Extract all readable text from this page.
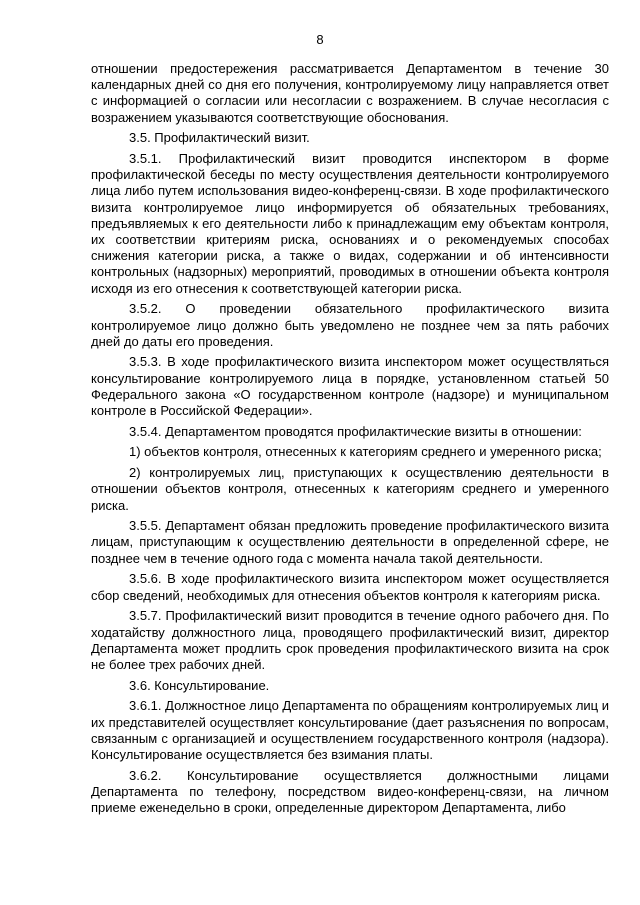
8

отношении предостережения рассматривается Департаментом в течение 30 календарных дней со дня его получения, контролируемому лицу направляется ответ с информацией о согласии или несогласии с возражением. В случае несогласия с возражением указываются соответствующие обоснования.

3.5. Профилактический визит.

3.5.1. Профилактический визит проводится инспектором в форме профилактической беседы по месту осуществления деятельности контролируемого лица либо путем использования видео-конференц-связи. В ходе профилактического визита контролируемое лицо информируется об обязательных требованиях, предъявляемых к его деятельности либо к принадлежащим ему объектам контроля, их соответствии критериям риска, основаниях и о рекомендуемых способах снижения категории риска, а также о видах, содержании и об интенсивности контрольных (надзорных) мероприятий, проводимых в отношении объекта контроля исходя из его отнесения к соответствующей категории риска.

3.5.2. О проведении обязательного профилактического визита контролируемое лицо должно быть уведомлено не позднее чем за пять рабочих дней до даты его проведения.

3.5.3. В ходе профилактического визита инспектором может осуществляться консультирование контролируемого лица в порядке, установленном статьей 50 Федерального закона «О государственном контроле (надзоре) и муниципальном контроле в Российской Федерации».

3.5.4. Департаментом проводятся профилактические визиты в отношении:

1) объектов контроля, отнесенных к категориям среднего и умеренного риска;

2) контролируемых лиц, приступающих к осуществлению деятельности в отношении объектов контроля, отнесенных к категориям среднего и умеренного риска.

3.5.5. Департамент обязан предложить проведение профилактического визита лицам, приступающим к осуществлению деятельности в определенной сфере, не позднее чем в течение одного года с момента начала такой деятельности.

3.5.6. В ходе профилактического визита инспектором может осуществляется сбор сведений, необходимых для отнесения объектов контроля к категориям риска.

3.5.7. Профилактический визит проводится в течение одного рабочего дня. По ходатайству должностного лица, проводящего профилактический визит, директор Департамента может продлить срок проведения профилактического визита на срок не более трех рабочих дней.

3.6. Консультирование.

3.6.1. Должностное лицо Департамента по обращениям контролируемых лиц и их представителей осуществляет консультирование (дает разъяснения по вопросам, связанным с организацией и осуществлением государственного контроля (надзора). Консультирование осуществляется без взимания платы.

3.6.2. Консультирование осуществляется должностными лицами Департамента по телефону, посредством видео-конференц-связи, на личном приеме еженедельно в сроки, определенные директором Департамента, либо
